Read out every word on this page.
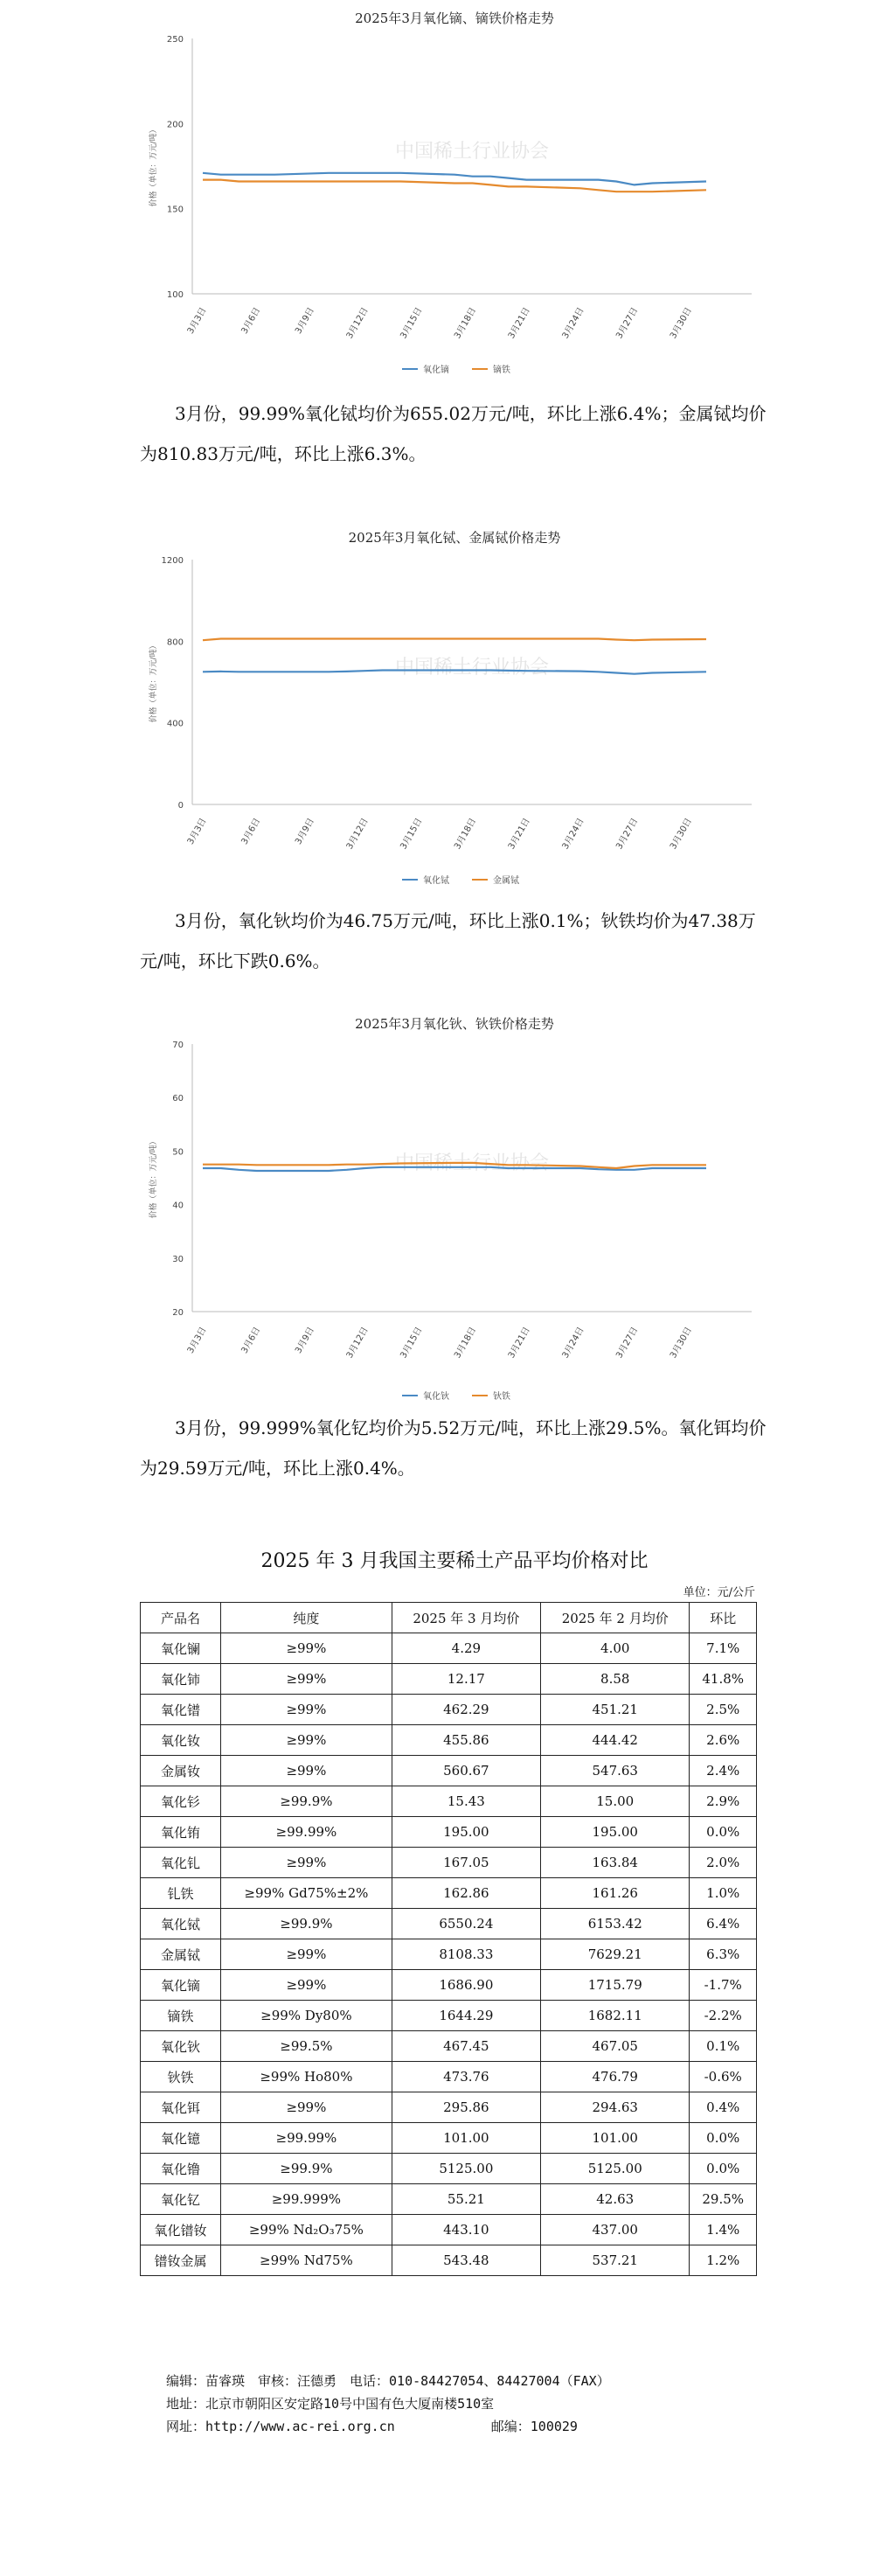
2025年3月氧化镝、镝铁价格走势
中国稀土行业协会
100
150
200
250
价格（单位：万元/吨）
3月3日	3月6日	3月9日	3月12日	3月15日	3月18日	3月21日	3月24日	3月27日	3月30日
氧化镝	镝铁

3月份，99.99%氧化铽均价为655.02万元/吨，环比上涨6.4%；金属铽均价为810.83万元/吨，环比上涨6.3%。

2025年3月氧化铽、金属铽价格走势
中国稀土行业协会
0
400
800
1200
价格（单位：万元/吨）
3月3日	3月6日	3月9日	3月12日	3月15日	3月18日	3月21日	3月24日	3月27日	3月30日
氧化铽	金属铽

3月份，氧化钬均价为46.75万元/吨，环比上涨0.1%；钬铁均价为47.38万元/吨，环比下跌0.6%。

2025年3月氧化钬、钬铁价格走势
中国稀土行业协会
20
30
40
50
60
70
价格（单位：万元/吨）
3月3日	3月6日	3月9日	3月12日	3月15日	3月18日	3月21日	3月24日	3月27日	3月30日
氧化钬	钬铁

3月份，99.999%氧化钇均价为5.52万元/吨，环比上涨29.5%。氧化铒均价为29.59万元/吨，环比上涨0.4%。

2025 年 3 月我国主要稀土产品平均价格对比
单位：元/公斤
产品名	纯度	2025 年 3 月均价	2025 年 2 月均价	环比
氧化镧	≥99%	4.29	4.00	7.1%
氧化铈	≥99%	12.17	8.58	41.8%
氧化镨	≥99%	462.29	451.21	2.5%
氧化钕	≥99%	455.86	444.42	2.6%
金属钕	≥99%	560.67	547.63	2.4%
氧化钐	≥99.9%	15.43	15.00	2.9%
氧化铕	≥99.99%	195.00	195.00	0.0%
氧化钆	≥99%	167.05	163.84	2.0%
钆铁	≥99% Gd75%±2%	162.86	161.26	1.0%
氧化铽	≥99.9%	6550.24	6153.42	6.4%
金属铽	≥99%	8108.33	7629.21	6.3%
氧化镝	≥99%	1686.90	1715.79	-1.7%
镝铁	≥99% Dy80%	1644.29	1682.11	-2.2%
氧化钬	≥99.5%	467.45	467.05	0.1%
钬铁	≥99% Ho80%	473.76	476.79	-0.6%
氧化铒	≥99%	295.86	294.63	0.4%
氧化镱	≥99.99%	101.00	101.00	0.0%
氧化镥	≥99.9%	5125.00	5125.00	0.0%
氧化钇	≥99.999%	55.21	42.63	29.5%
氧化镨钕	≥99% Nd₂O₃75%	443.10	437.00	1.4%
镨钕金属	≥99% Nd75%	543.48	537.21	1.2%
编辑：苗睿瑛　审核：汪德勇　电话：010-84427054、84427004（FAX）
地址：北京市朝阳区安定路10号中国有色大厦南楼510室
网址：http://www.ac-rei.org.cn	邮编：100029
